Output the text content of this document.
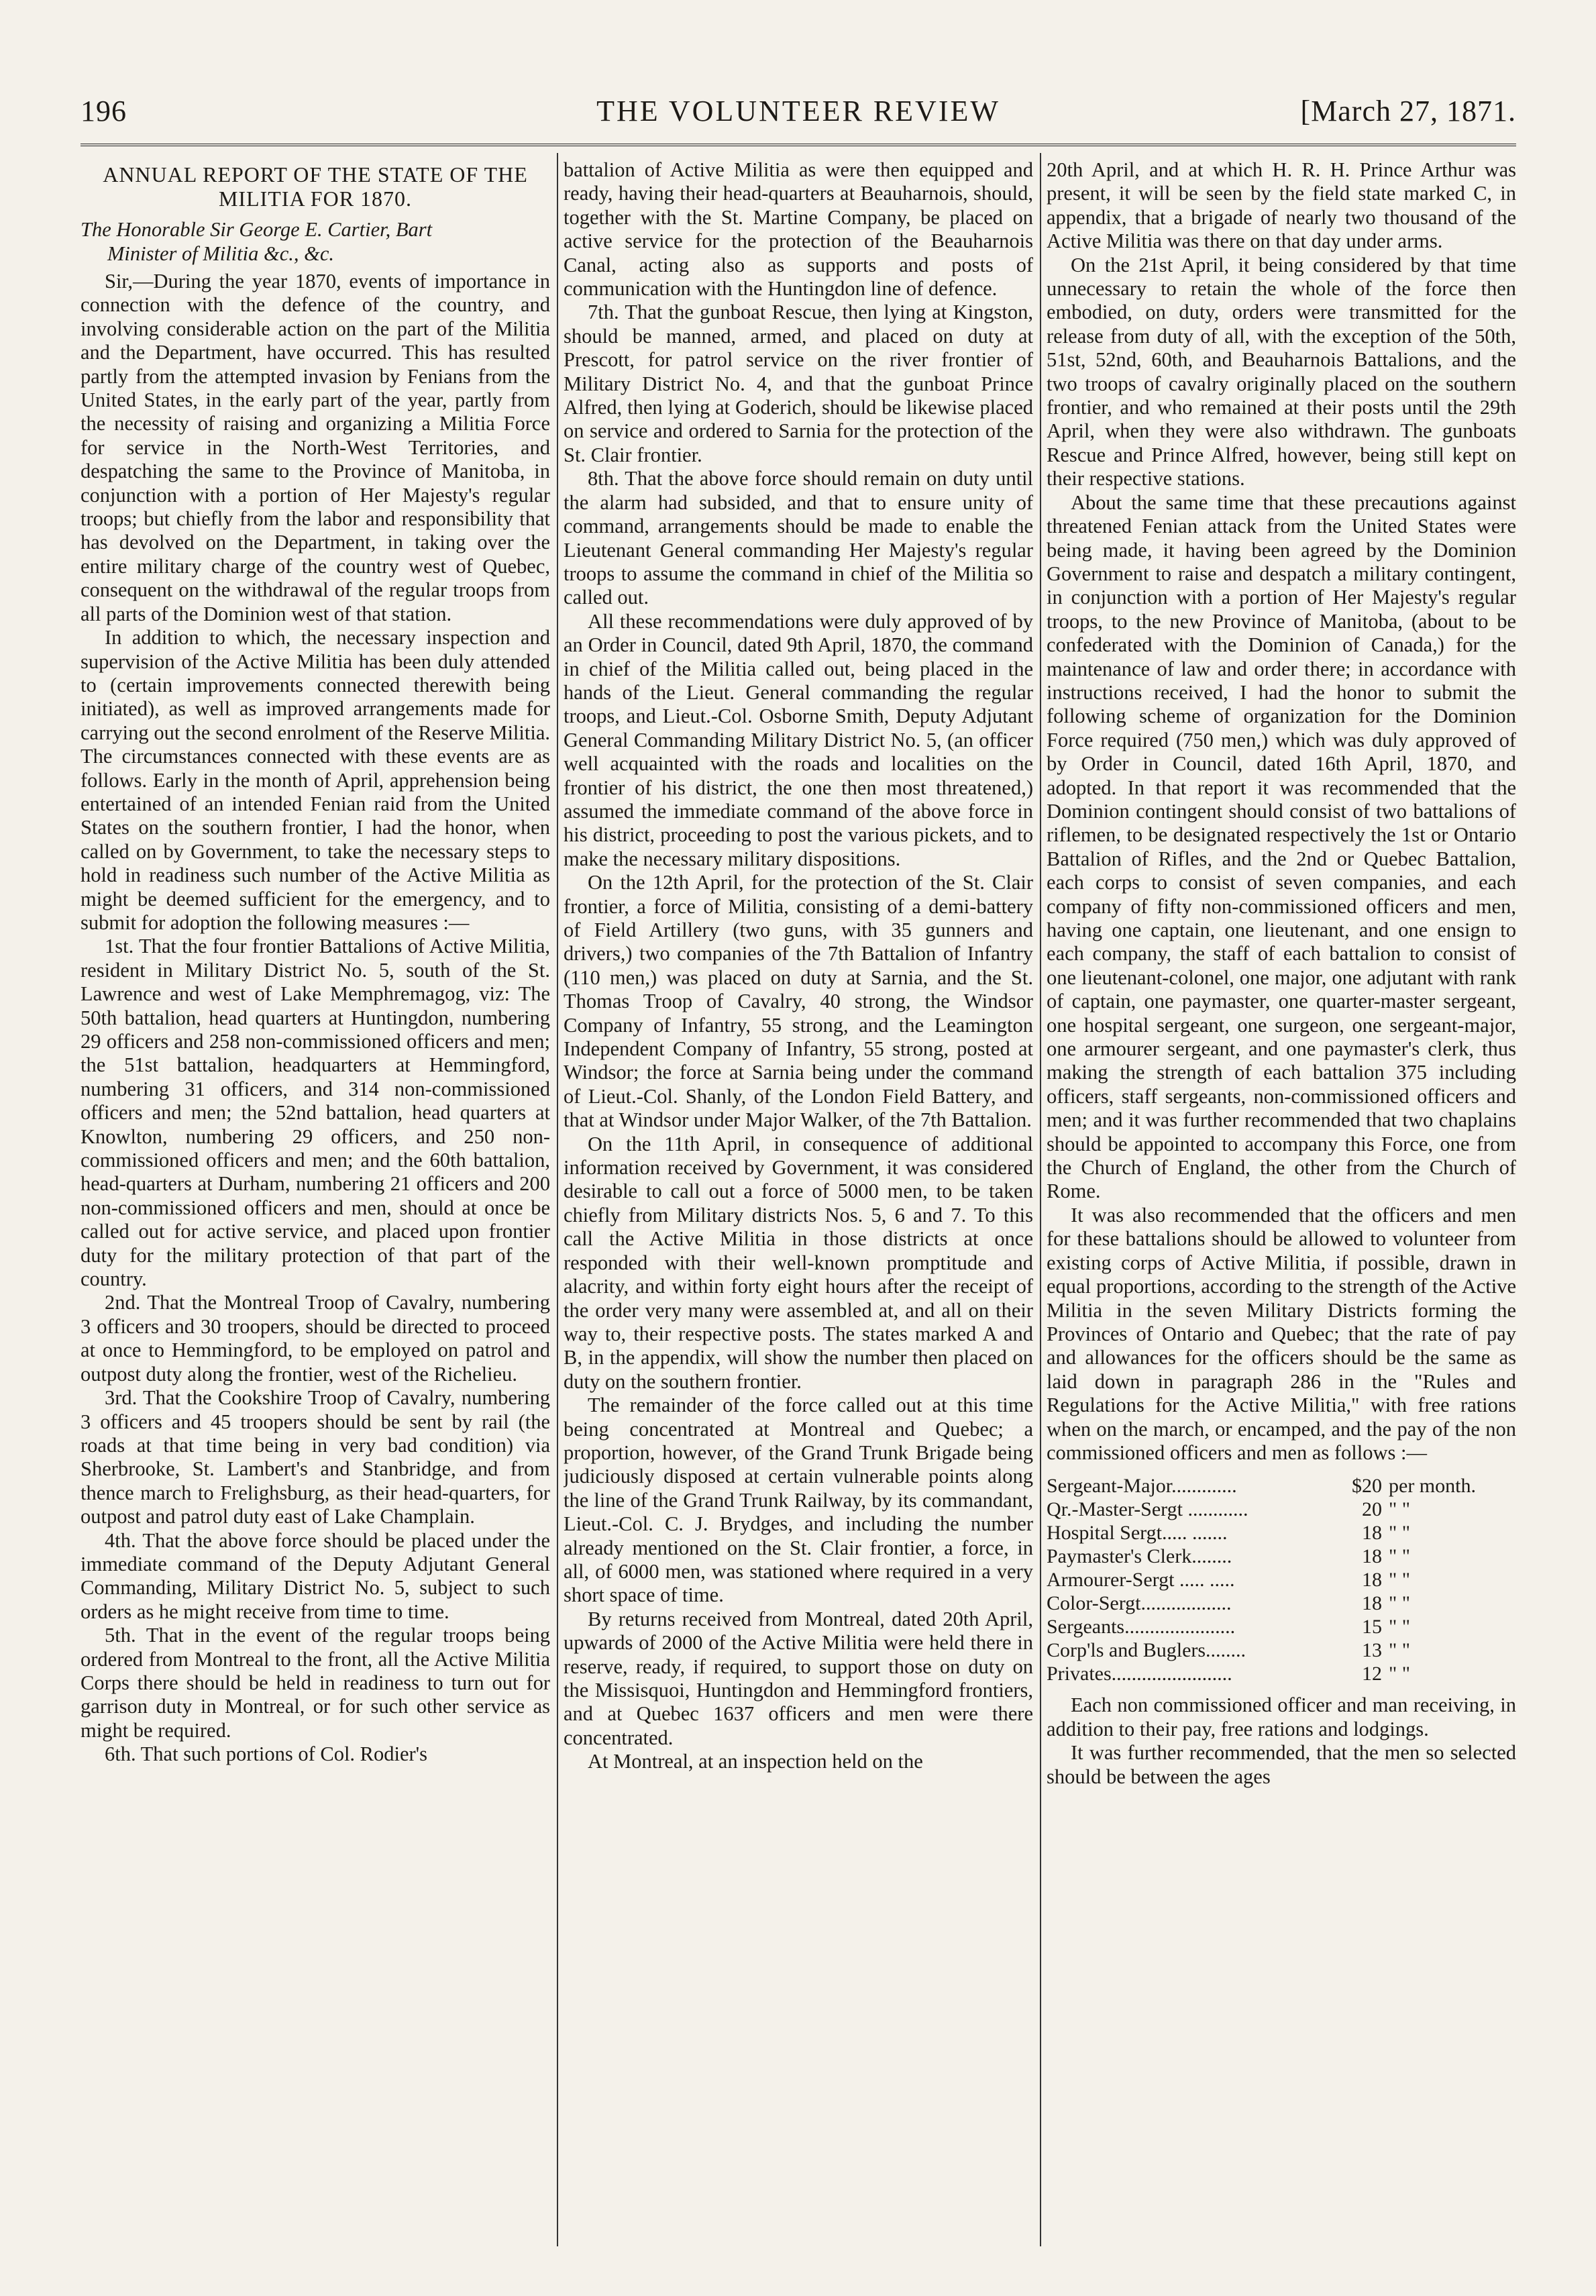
196	THE VOLUNTEER REVIEW	[March 27, 1871.
ANNUAL REPORT OF THE STATE OF THE MILITIA FOR 1870.
The Honorable Sir George E. Cartier, Bart
Minister of Militia &c., &c.

Sir,—During the year 1870, events of importance in connection with the defence of the country, and involving considerable action on the part of the Militia and the Department, have occurred. This has resulted partly from the attempted invasion by Fenians from the United States, in the early part of the year, partly from the necessity of raising and organizing a Militia Force for service in the North-West Territories, and despatching the same to the Province of Manitoba, in conjunction with a portion of Her Majesty's regular troops; but chiefly from the labor and responsibility that has devolved on the Department, in taking over the entire military charge of the country west of Quebec, consequent on the withdrawal of the regular troops from all parts of the Dominion west of that station.

In addition to which, the necessary inspection and supervision of the Active Militia has been duly attended to (certain improvements connected therewith being initiated), as well as improved arrangements made for carrying out the second enrolment of the Reserve Militia. The circumstances connected with these events are as follows. Early in the month of April, apprehension being entertained of an intended Fenian raid from the United States on the southern frontier, I had the honor, when called on by Government, to take the necessary steps to hold in readiness such number of the Active Militia as might be deemed sufficient for the emergency, and to submit for adoption the following measures :—

1st. That the four frontier Battalions of Active Militia, resident in Military District No. 5, south of the St. Lawrence and west of Lake Memphremagog, viz: The 50th battalion, head quarters at Huntingdon, numbering 29 officers and 258 non-commissioned officers and men; the 51st battalion, headquarters at Hemmingford, numbering 31 officers, and 314 non-commissioned officers and men; the 52nd battalion, head quarters at Knowlton, numbering 29 officers, and 250 non-commissioned officers and men; and the 60th battalion, head-quarters at Durham, numbering 21 officers and 200 non-commissioned officers and men, should at once be called out for active service, and placed upon frontier duty for the military protection of that part of the country.

2nd. That the Montreal Troop of Cavalry, numbering 3 officers and 30 troopers, should be directed to proceed at once to Hemmingford, to be employed on patrol and outpost duty along the frontier, west of the Richelieu.

3rd. That the Cookshire Troop of Cavalry, numbering 3 officers and 45 troopers should be sent by rail (the roads at that time being in very bad condition) via Sherbrooke, St. Lambert's and Stanbridge, and from thence march to Frelighsburg, as their head-quarters, for outpost and patrol duty east of Lake Champlain.

4th. That the above force should be placed under the immediate command of the Deputy Adjutant General Commanding, Military District No. 5, subject to such orders as he might receive from time to time.

5th. That in the event of the regular troops being ordered from Montreal to the front, all the Active Militia Corps there should be held in readiness to turn out for garrison duty in Montreal, or for such other service as might be required.

6th. That such portions of Col. Rodier's

battalion of Active Militia as were then equipped and ready, having their head-quarters at Beauharnois, should, together with the St. Martine Company, be placed on active service for the protection of the Beauharnois Canal, acting also as supports and posts of communication with the Huntingdon line of defence.

7th. That the gunboat Rescue, then lying at Kingston, should be manned, armed, and placed on duty at Prescott, for patrol service on the river frontier of Military District No. 4, and that the gunboat Prince Alfred, then lying at Goderich, should be likewise placed on service and ordered to Sarnia for the protection of the St. Clair frontier.

8th. That the above force should remain on duty until the alarm had subsided, and that to ensure unity of command, arrangements should be made to enable the Lieutenant General commanding Her Majesty's regular troops to assume the command in chief of the Militia so called out.

All these recommendations were duly approved of by an Order in Council, dated 9th April, 1870, the command in chief of the Militia called out, being placed in the hands of the Lieut. General commanding the regular troops, and Lieut.-Col. Osborne Smith, Deputy Adjutant General Commanding Military District No. 5, (an officer well acquainted with the roads and localities on the frontier of his district, the one then most threatened,) assumed the immediate command of the above force in his district, proceeding to post the various pickets, and to make the necessary military dispositions.

On the 12th April, for the protection of the St. Clair frontier, a force of Militia, consisting of a demi-battery of Field Artillery (two guns, with 35 gunners and drivers,) two companies of the 7th Battalion of Infantry (110 men,) was placed on duty at Sarnia, and the St. Thomas Troop of Cavalry, 40 strong, the Windsor Company of Infantry, 55 strong, and the Leamington Independent Company of Infantry, 55 strong, posted at Windsor; the force at Sarnia being under the command of Lieut.-Col. Shanly, of the London Field Battery, and that at Windsor under Major Walker, of the 7th Battalion.

On the 11th April, in consequence of additional information received by Government, it was considered desirable to call out a force of 5000 men, to be taken chiefly from Military districts Nos. 5, 6 and 7. To this call the Active Militia in those districts at once responded with their well-known promptitude and alacrity, and within forty eight hours after the receipt of the order very many were assembled at, and all on their way to, their respective posts. The states marked A and B, in the appendix, will show the number then placed on duty on the southern frontier.

The remainder of the force called out at this time being concentrated at Montreal and Quebec; a proportion, however, of the Grand Trunk Brigade being judiciously disposed at certain vulnerable points along the line of the Grand Trunk Railway, by its commandant, Lieut.-Col. C. J. Brydges, and including the number already mentioned on the St. Clair frontier, a force, in all, of 6000 men, was stationed where required in a very short space of time.

By returns received from Montreal, dated 20th April, upwards of 2000 of the Active Militia were held there in reserve, ready, if required, to support those on duty on the Missisquoi, Huntingdon and Hemmingford frontiers, and at Quebec 1637 officers and men were there concentrated.

At Montreal, at an inspection held on the

20th April, and at which H. R. H. Prince Arthur was present, it will be seen by the field state marked C, in appendix, that a brigade of nearly two thousand of the Active Militia was there on that day under arms.

On the 21st April, it being considered by that time unnecessary to retain the whole of the force then embodied, on duty, orders were transmitted for the release from duty of all, with the exception of the 50th, 51st, 52nd, 60th, and Beauharnois Battalions, and the two troops of cavalry originally placed on the southern frontier, and who remained at their posts until the 29th April, when they were also withdrawn. The gunboats Rescue and Prince Alfred, however, being still kept on their respective stations.

About the same time that these precautions against threatened Fenian attack from the United States were being made, it having been agreed by the Dominion Government to raise and despatch a military contingent, in conjunction with a portion of Her Majesty's regular troops, to the new Province of Manitoba, (about to be confederated with the Dominion of Canada,) for the maintenance of law and order there; in accordance with instructions received, I had the honor to submit the following scheme of organization for the Dominion Force required (750 men,) which was duly approved of by Order in Council, dated 16th April, 1870, and adopted. In that report it was recommended that the Dominion contingent should consist of two battalions of riflemen, to be designated respectively the 1st or Ontario Battalion of Rifles, and the 2nd or Quebec Battalion, each corps to consist of seven companies, and each company of fifty non-commissioned officers and men, having one captain, one lieutenant, and one ensign to each company, the staff of each battalion to consist of one lieutenant-colonel, one major, one adjutant with rank of captain, one paymaster, one quarter-master sergeant, one hospital sergeant, one surgeon, one sergeant-major, one armourer sergeant, and one paymaster's clerk, thus making the strength of each battalion 375 including officers, staff sergeants, non-commissioned officers and men; and it was further recommended that two chaplains should be appointed to accompany this Force, one from the Church of England, the other from the Church of Rome.

It was also recommended that the officers and men for these battalions should be allowed to volunteer from existing corps of Active Militia, if possible, drawn in equal proportions, according to the strength of the Active Militia in the seven Military Districts forming the Provinces of Ontario and Quebec; that the rate of pay and allowances for the officers should be the same as laid down in paragraph 286 in the "Rules and Regulations for the Active Militia," with free rations when on the march, or encamped, and the pay of the non commissioned officers and men as follows :—

Sergeant-Major.............	$20	per month.
Qr.-Master-Sergt ............	20	" "
Hospital Sergt..... .......	18	" "
Paymaster's Clerk........	18	" "
Armourer-Sergt ..... .....	18	" "
Color-Sergt..................	18	" "
Sergeants......................	15	" "
Corp'ls and Buglers........	13	" "
Privates........................	12	" "

Each non commissioned officer and man receiving, in addition to their pay, free rations and lodgings.

It was further recommended, that the men so selected should be between the ages
